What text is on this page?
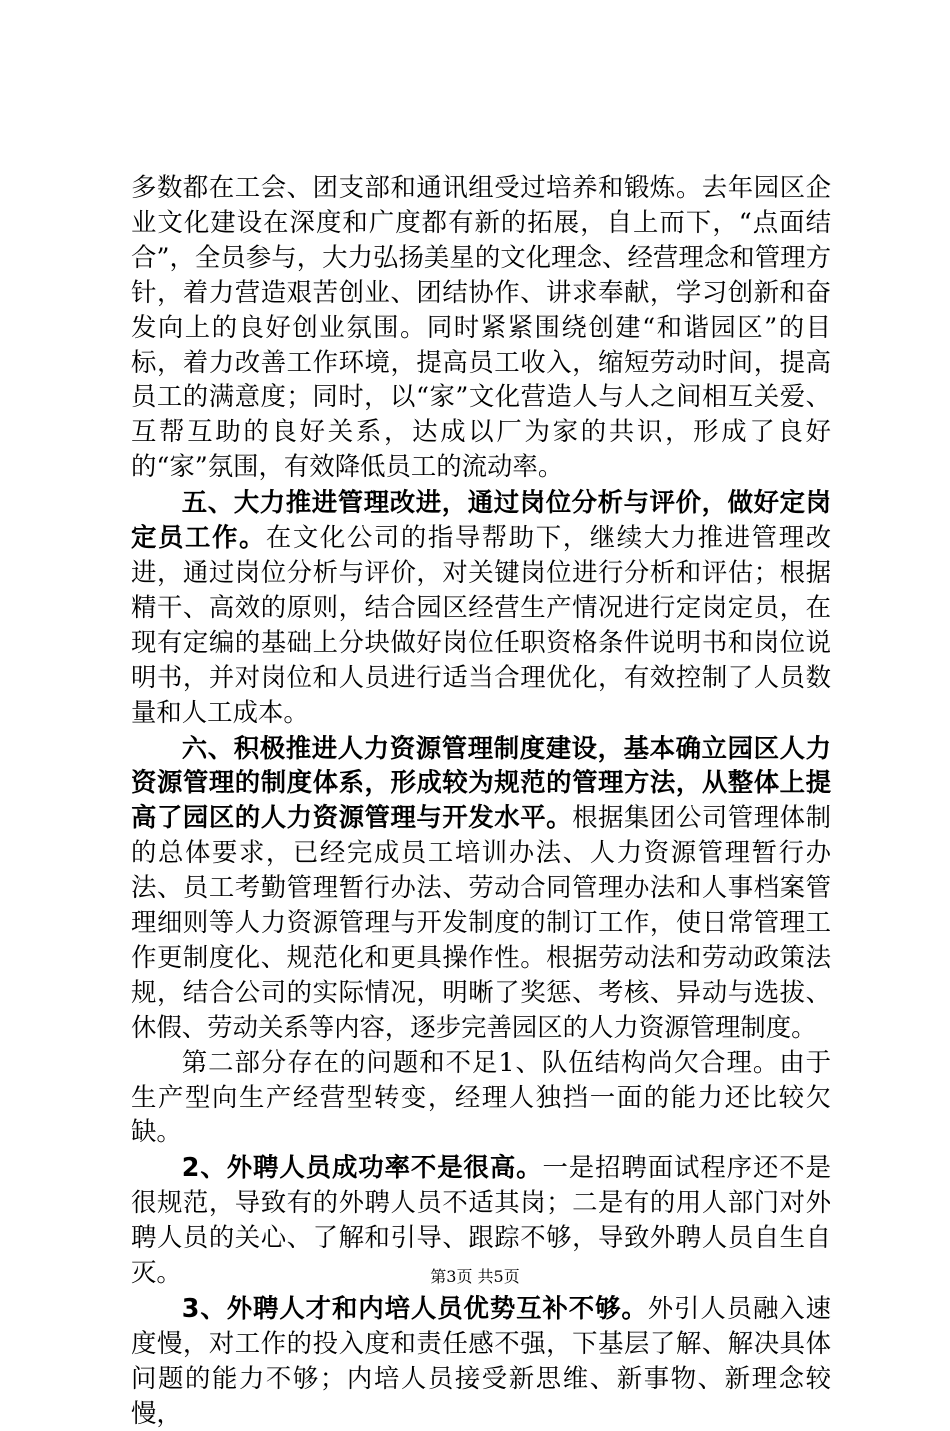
多数都在工会、团支部和通讯组受过培养和锻炼。去年园区企业文化建设在深度和广度都有新的拓展，自上而下，“点面结合”，全员参与，大力弘扬美星的文化理念、经营理念和管理方针，着力营造艰苦创业、团结协作、讲求奉献，学习创新和奋发向上的良好创业氛围。同时紧紧围绕创建“和谐园区”的目标，着力改善工作环境，提高员工收入，缩短劳动时间，提高员工的满意度；同时，以“家”文化营造人与人之间相互关爱、互帮互助的良好关系，达成以厂为家的共识，形成了良好的“家”氛围，有效降低员工的流动率。

五、大力推进管理改进，通过岗位分析与评价，做好定岗定员工作。在文化公司的指导帮助下，继续大力推进管理改进，通过岗位分析与评价，对关键岗位进行分析和评估；根据精干、高效的原则，结合园区经营生产情况进行定岗定员，在现有定编的基础上分块做好岗位任职资格条件说明书和岗位说明书，并对岗位和人员进行适当合理优化，有效控制了人员数量和人工成本。

六、积极推进人力资源管理制度建设，基本确立园区人力资源管理的制度体系，形成较为规范的管理方法，从整体上提高了园区的人力资源管理与开发水平。根据集团公司管理体制的总体要求，已经完成员工培训办法、人力资源管理暂行办法、员工考勤管理暂行办法、劳动合同管理办法和人事档案管理细则等人力资源管理与开发制度的制订工作，使日常管理工作更制度化、规范化和更具操作性。根据劳动法和劳动政策法规，结合公司的实际情况，明晰了奖惩、考核、异动与选拔、休假、劳动关系等内容，逐步完善园区的人力资源管理制度。

第二部分存在的问题和不足1、队伍结构尚欠合理。由于生产型向生产经营型转变，经理人独挡一面的能力还比较欠缺。

2、外聘人员成功率不是很高。一是招聘面试程序还不是很规范，导致有的外聘人员不适其岗；二是有的用人部门对外聘人员的关心、了解和引导、跟踪不够，导致外聘人员自生自灭。

3、外聘人才和内培人员优势互补不够。外引人员融入速度慢，对工作的投入度和责任感不强，下基层了解、解决具体问题的能力不够；内培人员接受新思维、新事物、新理念较慢，

第3页 共5页
